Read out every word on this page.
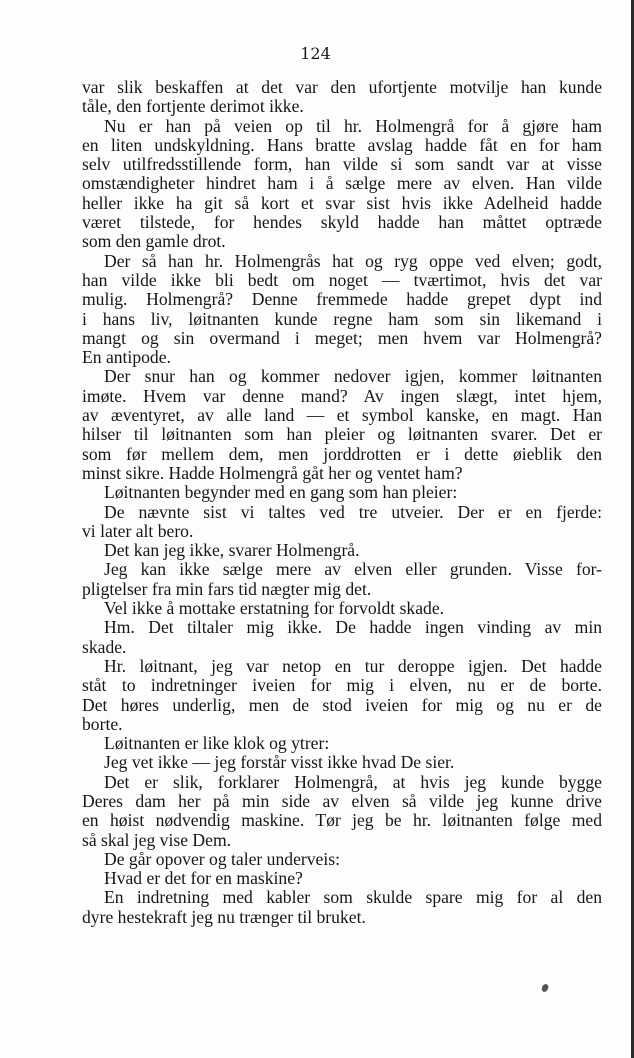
124
var slik beskaffen at det var den ufortjente motvilje han kunde
tåle, den fortjente derimot ikke.
Nu er han på veien op til hr. Holmengrå for å gjøre ham
en liten undskyldning. Hans bratte avslag hadde fåt en for ham
selv utilfredsstillende form, han vilde si som sandt var at visse
omstændigheter hindret ham i å sælge mere av elven. Han vilde
heller ikke ha git så kort et svar sist hvis ikke Adelheid hadde
været tilstede, for hendes skyld hadde han måttet optræde
som den gamle drot.
Der så han hr. Holmengrås hat og ryg oppe ved elven; godt,
han vilde ikke bli bedt om noget — tværtimot, hvis det var
mulig. Holmengrå? Denne fremmede hadde grepet dypt ind
i hans liv, løitnanten kunde regne ham som sin likemand i
mangt og sin overmand i meget; men hvem var Holmengrå?
En antipode.
Der snur han og kommer nedover igjen, kommer løitnanten
imøte. Hvem var denne mand? Av ingen slægt, intet hjem,
av æventyret, av alle land — et symbol kanske, en magt. Han
hilser til løitnanten som han pleier og løitnanten svarer. Det er
som før mellem dem, men jorddrotten er i dette øieblik den
minst sikre. Hadde Holmengrå gåt her og ventet ham?
Løitnanten begynder med en gang som han pleier:
De nævnte sist vi taltes ved tre utveier. Der er en fjerde:
vi later alt bero.
Det kan jeg ikke, svarer Holmengrå.
Jeg kan ikke sælge mere av elven eller grunden. Visse for-
pligtelser fra min fars tid nægter mig det.
Vel ikke å mottake erstatning for forvoldt skade.
Hm. Det tiltaler mig ikke. De hadde ingen vinding av min
skade.
Hr. løitnant, jeg var netop en tur deroppe igjen. Det hadde
ståt to indretninger iveien for mig i elven, nu er de borte.
Det høres underlig, men de stod iveien for mig og nu er de
borte.
Løitnanten er like klok og ytrer:
Jeg vet ikke — jeg forstår visst ikke hvad De sier.
Det er slik, forklarer Holmengrå, at hvis jeg kunde bygge
Deres dam her på min side av elven så vilde jeg kunne drive
en høist nødvendig maskine. Tør jeg be hr. løitnanten følge med
så skal jeg vise Dem.
De går opover og taler underveis:
Hvad er det for en maskine?
En indretning med kabler som skulde spare mig for al den
dyre hestekraft jeg nu trænger til bruket.
